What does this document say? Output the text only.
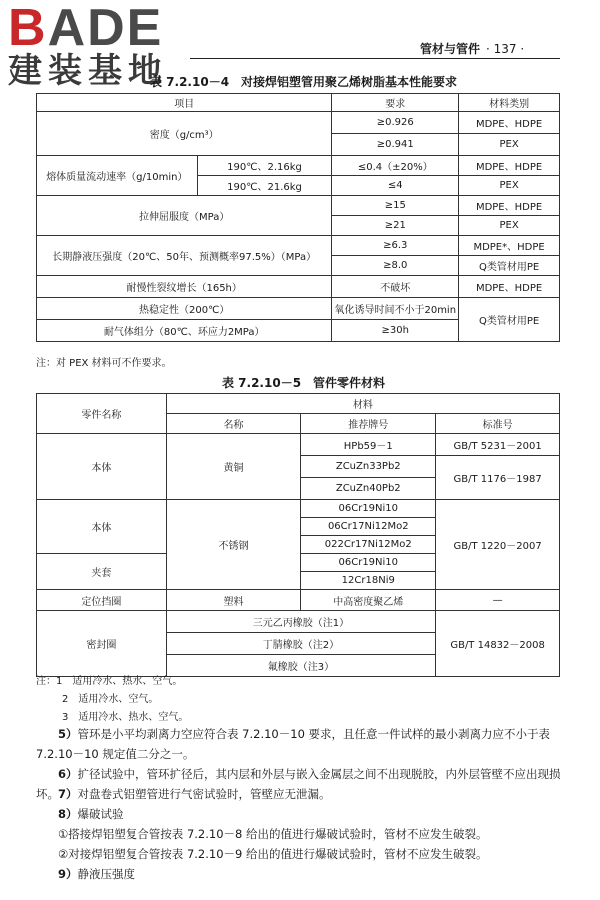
BADE
建装基地
管材与管件 · 137 ·
表 7.2.10－4　对接焊铝塑管用聚乙烯树脂基本性能要求
项目		要求	材料类别
密度（g/cm³）		≥0.926	MDPE、HDPE
		≥0.941	PEX
熔体质量流动速率（g/10min）	190℃、2.16kg	≤0.4（±20%）	MDPE、HDPE
	190℃、21.6kg	≤4	PEX
拉伸屈服度（MPa）		≥15	MDPE、HDPE
		≥21	PEX
长期静液压强度（20℃、50年、预测概率97.5%）（MPa）		≥6.3	MDPE*、HDPE
		≥8.0	Q类管材用PE
耐慢性裂纹增长（165h）		不破坏	MDPE、HDPE
热稳定性（200℃）		氧化诱导时间不小于20min	Q类管材用PE
耐气体组分（80℃、环应力2MPa）		≥30h	
注：对 PEX 材料可不作要求。
表 7.2.10－5　管件零件材料
零件名称	材料		
	名称	推荐牌号	标准号
本体	黄铜	HPb59－1	GB/T 5231－2001
		ZCuZn33Pb2	GB/T 1176－1987
		ZCuZn40Pb2	
本体	不锈钢	06Cr19Ni10	GB/T 1220－2007
		06Cr17Ni12Mo2	
		022Cr17Ni12Mo2	
夹套		06Cr19Ni10	
		12Cr18Ni9	
定位挡圈	塑料	中高密度聚乙烯	—
密封圈	三元乙丙橡胶（注1）		GB/T 14832－2008
	丁腈橡胶（注2）		
	氟橡胶（注3）		
注：1　适用冷水、热水、空气。
2　适用冷水、空气。
3　适用冷水、热水、空气。
5）管环是小平均剥离力空应符合表 7.2.10－10 要求，且任意一件试样的最小剥离力应不小于表
7.2.10－10 规定值二分之一。
6）扩径试验中，管环扩径后，其内层和外层与嵌入金属层之间不出现脱胶，内外层管壁不应出现损坏。 7）对盘卷式铝塑管进行气密试验时，管壁应无泄漏。
8）爆破试验
①搭接焊铝塑复合管按表 7.2.10－8 给出的值进行爆破试验时，管材不应发生破裂。
②对接焊铝塑复合管按表 7.2.10－9 给出的值进行爆破试验时，管材不应发生破裂。
9）静液压强度
